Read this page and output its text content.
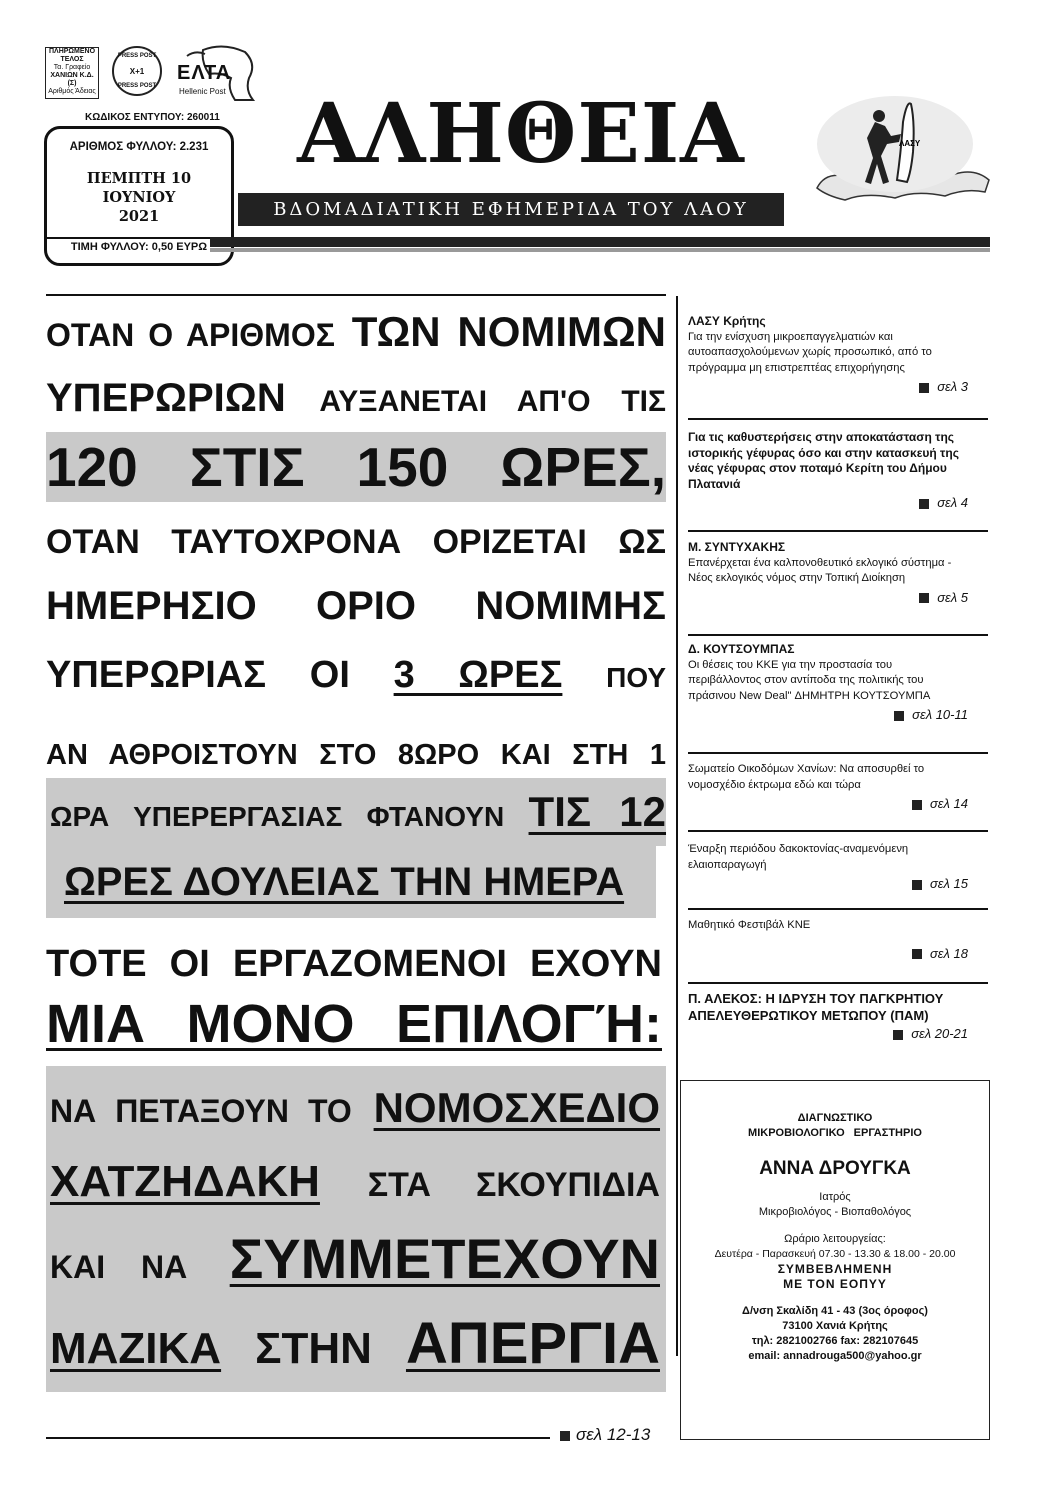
ΠΛΗΡΩΜΕΝΟ
ΤΕΛΟΣ
Τα. Γραφείο
ΧΑΝΙΩΝ Κ.Δ. (Σ)
Αριθμός Άδειας
PRESS POST
Χ+1
PRESS POST
ΕΛΤΑ
Hellenic Post
ΚΩΔΙΚΟΣ ΕΝΤΥΠΟΥ: 260011
ΑΡΙΘΜΟΣ ΦΥΛΛΟΥ: 2.231
ΠΕΜΠΤΗ 10
ΙΟΥΝΙΟΥ
2021
ΤΙΜΗ ΦΥΛΛΟΥ: 0,50 ΕΥΡΩ
ΑΛΗΘΕΙΑ
ΒΔΟΜΑΔΙΑΤΙΚΗ ΕΦΗΜΕΡΙΔΑ ΤΟΥ ΛΑΟΥ
ΛΑΣΥ
ΟΤΑΝ Ο ΑΡΙΘΜΟΣ ΤΩΝ ΝΟΜΙΜΩΝ
ΥΠΕΡΩΡΙΩΝ ΑΥΞΑΝΕΤΑΙ ΑΠ'Ο ΤΙΣ
120 ΣΤΙΣ 150 ΩΡΕΣ,
ΟΤΑΝ ΤΑΥΤΟΧΡΟΝΑ ΟΡΙΖΕΤΑΙ ΩΣ
ΗΜΕΡΗΣΙΟ ΟΡΙΟ ΝΟΜΙΜΗΣ
ΥΠΕΡΩΡΙΑΣ ΟΙ 3 ΩΡΕΣ ΠΟΥ
ΑΝ ΑΘΡΟΙΣΤΟΥΝ ΣΤΟ 8ΩΡΟ ΚΑΙ ΣΤΗ 1
ΩΡΑ ΥΠΕΡΕΡΓΑΣΙΑΣ ΦΤΑΝΟΥΝ ΤΙΣ 12
ΩΡΕΣ ΔΟΥΛΕΙΑΣ ΤΗΝ ΗΜΕΡΑ
ΤΟΤΕ ΟΙ ΕΡΓΑΖΟΜΕΝΟΙ ΕΧΟΥΝ
ΜΙΑ ΜΟΝΟ ΕΠΙΛΟΓΉ:
ΝΑ ΠΕΤΑΞΟΥΝ ΤΟ ΝΟΜΟΣΧΕΔΙΟ
ΧΑΤΖΗΔΑΚΗ ΣΤΑ ΣΚΟΥΠΙΔΙΑ
ΚΑΙ ΝΑ ΣΥΜΜΕΤΕΧΟΥΝ
ΜΑΖΙΚΑ ΣΤΗΝ ΑΠΕΡΓΙΑ
σελ 12-13
ΛΑΣΥ Κρήτης
Για την ενίσχυση μικροεπαγγελματιών και αυτοαπασχολούμενων χωρίς προσωπικό, από το πρόγραμμα μη επιστρεπτέας επιχορήγησης
σελ 3
Για τις καθυστερήσεις στην αποκατάσταση της ιστορικής γέφυρας όσο και στην κατασκευή της νέας γέφυρας στον ποταμό Κερίτη του Δήμου Πλατανιά
σελ 4
Μ. ΣΥΝΤΥΧΑΚΗΣ
Επανέρχεται ένα καλπονοθευτικό εκλογικό σύστημα - Νέος εκλογικός νόμος στην Τοπική Διοίκηση
σελ 5
Δ. ΚΟΥΤΣΟΥΜΠΑΣ
Οι θέσεις του ΚΚΕ για την προστασία του περιβάλλοντος στον αντίποδα της πολιτικής του πράσινου New Deal" ΔΗΜΗΤΡΗ ΚΟΥΤΣΟΥΜΠΑ
σελ 10-11
Σωματείο Οικοδόμων Χανίων: Να αποσυρθεί το νομοσχέδιο έκτρωμα εδώ και τώρα
σελ 14
Έναρξη περιόδου δακοκτονίας-αναμενόμενη ελαιοπαραγωγή
σελ 15
Μαθητικό Φεστιβάλ ΚΝΕ
σελ 18
Π. ΑΛΕΚΟΣ: Η ΙΔΡΥΣΗ ΤΟΥ ΠΑΓΚΡΗΤΙΟΥ ΑΠΕΛΕΥΘΕΡΩΤΙΚΟΥ ΜΕΤΩΠΟΥ (ΠΑΜ)
σελ 20-21
ΔΙΑΓΝΩΣΤΙΚΟ
ΜΙΚΡΟΒΙΟΛΟΓΙΚΟ ΕΡΓΑΣΤΗΡΙΟ
ΑΝΝΑ ΔΡΟΥΓΚΑ
Ιατρός
Μικροβιολόγος - Βιοπαθολόγος
Ωράριο λειτουργείας:
Δευτέρα - Παρασκευή 07.30 - 13.30 & 18.00 - 20.00
ΣΥΜΒΕΒΛΗΜΕΝΗ
ΜΕ ΤΟΝ ΕΟΠΥΥ
Δ/νση Σκαλίδη 41 - 43 (3ος όροφος)
73100 Χανιά Κρήτης
τηλ: 2821002766 fax: 282107645
email: annadrouga500@yahoo.gr
